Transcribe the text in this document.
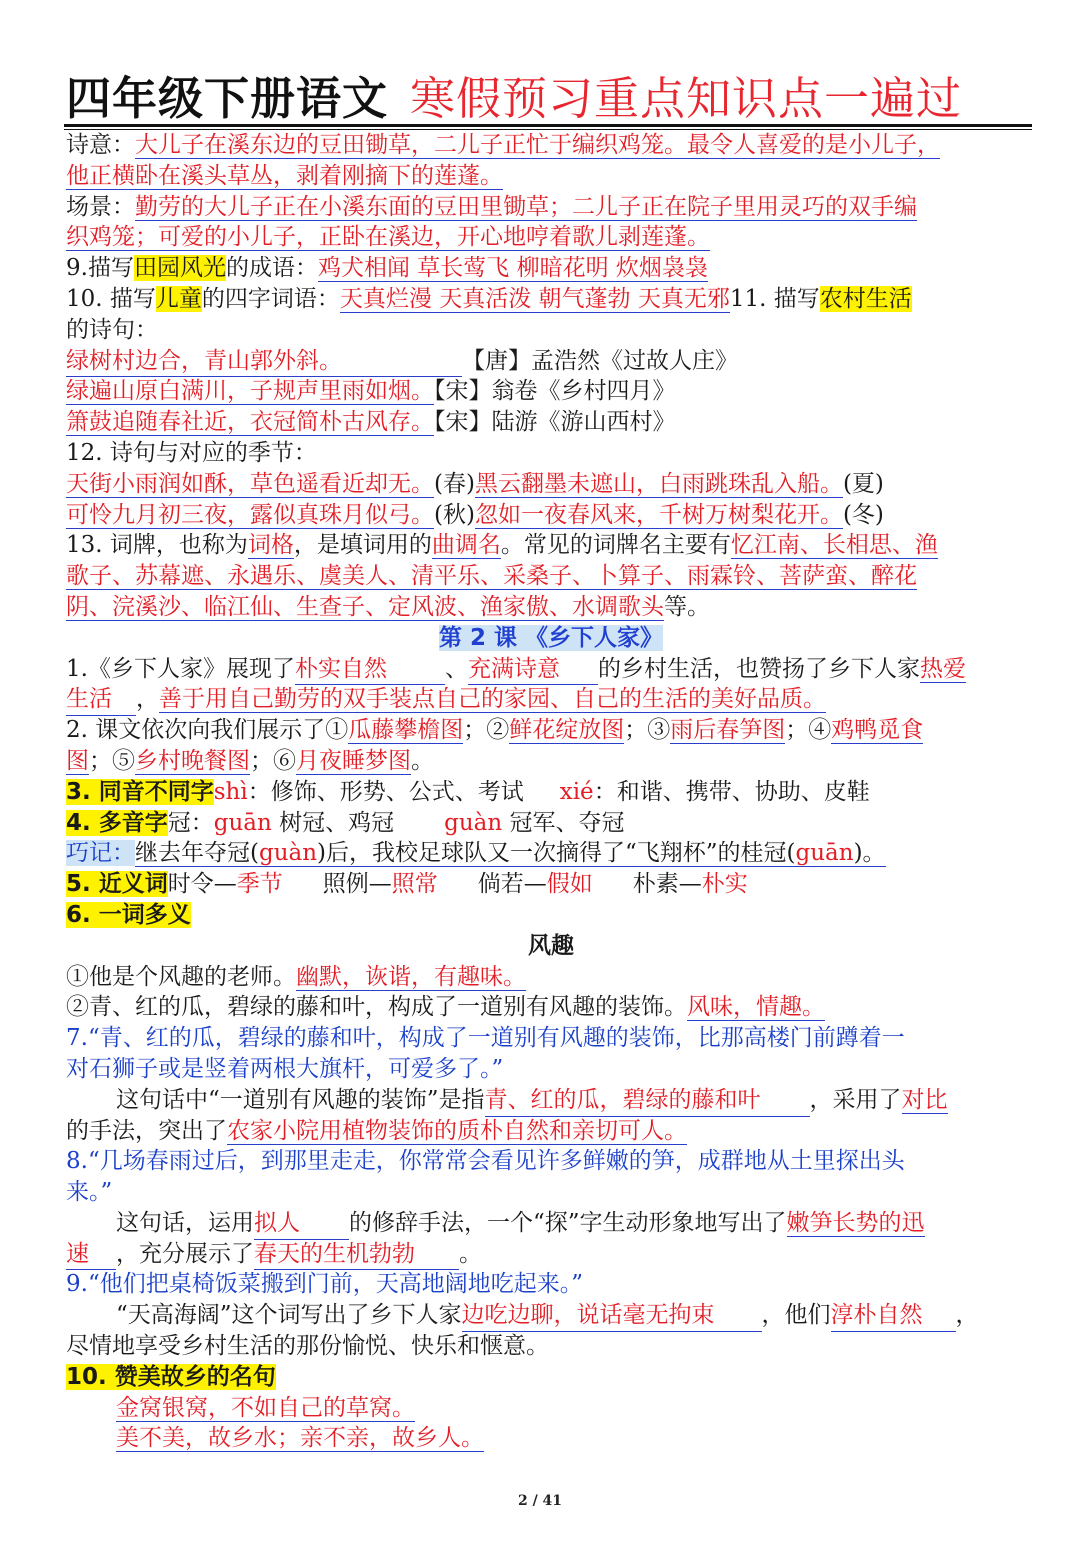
四年级下册语文 寒假预习重点知识点一遍过
诗意：大儿子在溪东边的豆田锄草，二儿子正忙于编织鸡笼。最令人喜爱的是小儿子，
他正横卧在溪头草丛，剥着刚摘下的莲蓬。
场景：勤劳的大儿子正在小溪东面的豆田里锄草；二儿子正在院子里用灵巧的双手编
织鸡笼；可爱的小儿子，正卧在溪边，开心地哼着歌儿剥莲蓬。
9.描写田园风光的成语：鸡犬相闻 草长莺飞 柳暗花明 炊烟袅袅
10. 描写儿童的四字词语：天真烂漫 天真活泼 朝气蓬勃 天真无邪11. 描写农村生活
的诗句：
绿树村边合，青山郭外斜。	【唐】孟浩然《过故人庄》
绿遍山原白满川，子规声里雨如烟。【宋】翁卷《乡村四月》
箫鼓追随春社近，衣冠简朴古风存。【宋】陆游《游山西村》
12. 诗句与对应的季节：
天街小雨润如酥，草色遥看近却无。(春)黑云翻墨未遮山，白雨跳珠乱入船。(夏)
可怜九月初三夜，露似真珠月似弓。(秋)忽如一夜春风来，千树万树梨花开。(冬)
13. 词牌，也称为词格，是填词用的曲调名。常见的词牌名主要有忆江南、长相思、渔
歌子、苏幕遮、永遇乐、虞美人、清平乐、采桑子、卜算子、雨霖铃、菩萨蛮、醉花
阴、浣溪沙、临江仙、生查子、定风波、渔家傲、水调歌头等。
第 2 课 《乡下人家》
1.《乡下人家》展现了朴实自然	、充满诗意 的乡村生活，也赞扬了乡下人家热爱
生活 ，善于用自己勤劳的双手装点自己的家园、自己的生活的美好品质。
2. 课文依次向我们展示了①瓜藤攀檐图；②鲜花绽放图；③雨后春笋图；④鸡鸭觅食
图；⑤乡村晚餐图；⑥月夜睡梦图。
3. 同音不同字shì：修饰、形势、公式、考试 xié：和谐、携带、协助、皮鞋
4. 多音字冠：guān 树冠、鸡冠 guàn 冠军、夺冠
巧记：继去年夺冠(guàn)后，我校足球队又一次摘得了“飞翔杯”的桂冠(guān)。
5. 近义词时令—季节 照例—照常 倘若—假如 朴素—朴实
6. 一词多义
风趣
①他是个风趣的老师。幽默，诙谐，有趣味。
②青、红的瓜，碧绿的藤和叶，构成了一道别有风趣的装饰。风味，情趣。
7.“青、红的瓜，碧绿的藤和叶，构成了一道别有风趣的装饰，比那高楼门前蹲着一
对石狮子或是竖着两根大旗杆，可爱多了。”
这句话中“一道别有风趣的装饰”是指青、红的瓜，碧绿的藤和叶 ，采用了对比
的手法，突出了农家小院用植物装饰的质朴自然和亲切可人。
8.“几场春雨过后，到那里走走，你常常会看见许多鲜嫩的笋，成群地从土里探出头
来。”
这句话，运用拟人 的修辞手法，一个“探”字生动形象地写出了嫩笋长势的迅
速 ，充分展示了春天的生机勃勃 。
9.“他们把桌椅饭菜搬到门前，天高地阔地吃起来。”
“天高海阔”这个词写出了乡下人家边吃边聊，说话毫无拘束 ，他们淳朴自然 ，
尽情地享受乡村生活的那份愉悦、快乐和惬意。
10. 赞美故乡的名句
金窝银窝，不如自己的草窝。
美不美，故乡水；亲不亲，故乡人。
2 / 41
